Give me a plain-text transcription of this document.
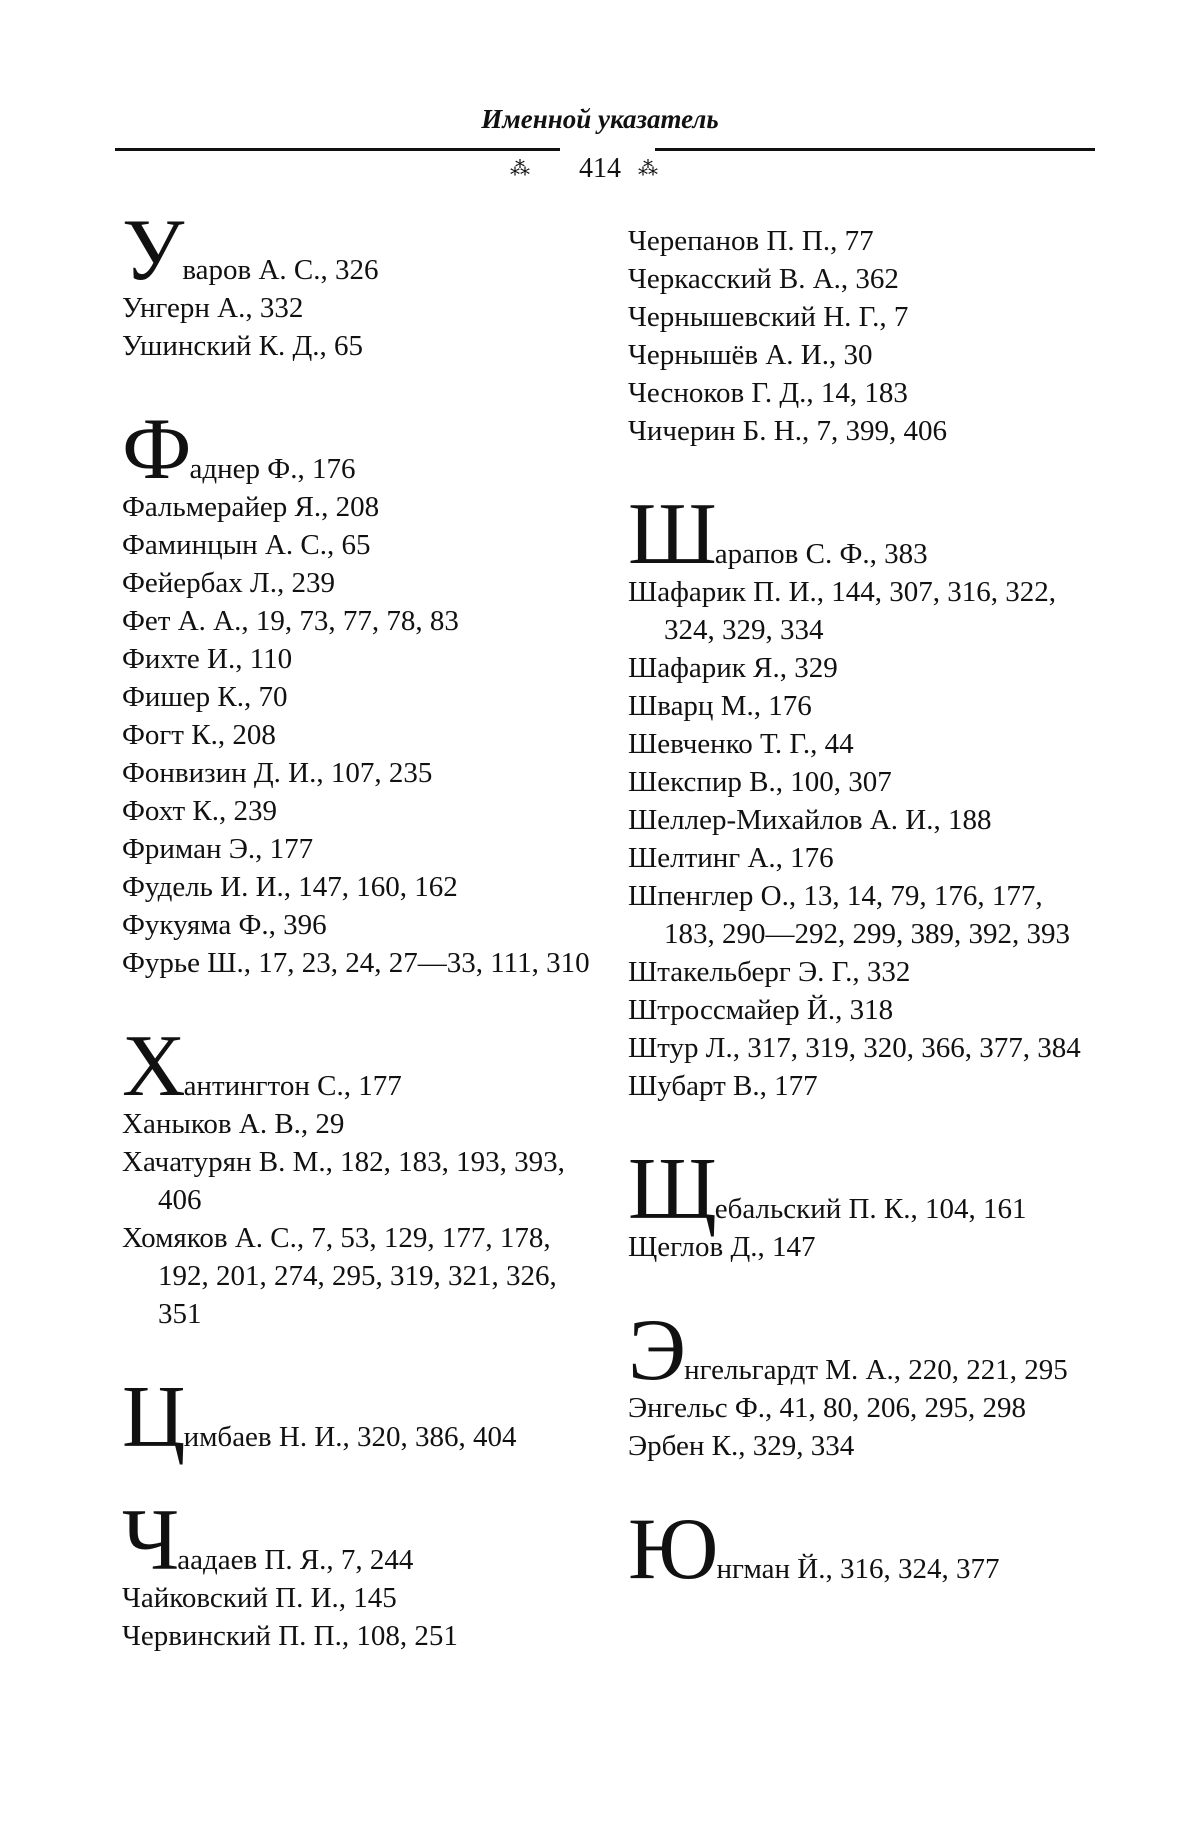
Именной указатель
⁂	414 ⁂
Уваров А. С., 326
Унгерн А., 332
Ушинский К. Д., 65
Фаднер Ф., 176
Фальмерайер Я., 208
Фаминцын А. С., 65
Фейербах Л., 239
Фет А. А., 19, 73, 77, 78, 83
Фихте И., 110
Фишер К., 70
Фогт К., 208
Фонвизин Д. И., 107, 235
Фохт К., 239
Фриман Э., 177
Фудель И. И., 147, 160, 162
Фукуяма Ф., 396
Фурье Ш., 17, 23, 24, 27—33, 111, 310
Хантингтон С., 177
Ханыков А. В., 29
Хачатурян В. М., 182, 183, 193, 393, 406
Хомяков А. С., 7, 53, 129, 177, 178, 192, 201, 274, 295, 319, 321, 326, 351
Цимбаев Н. И., 320, 386, 404
Чаадаев П. Я., 7, 244
Чайковский П. И., 145
Червинский П. П., 108, 251
Черепанов П. П., 77
Черкасский В. А., 362
Чернышевский Н. Г., 7
Чернышёв А. И., 30
Чесноков Г. Д., 14, 183
Чичерин Б. Н., 7, 399, 406
Шарапов С. Ф., 383
Шафарик П. И., 144, 307, 316, 322, 324, 329, 334
Шафарик Я., 329
Шварц М., 176
Шевченко Т. Г., 44
Шекспир В., 100, 307
Шеллер-Михайлов А. И., 188
Шелтинг А., 176
Шпенглер О., 13, 14, 79, 176, 177, 183, 290—292, 299, 389, 392, 393
Штакельберг Э. Г., 332
Штроссмайер Й., 318
Штур Л., 317, 319, 320, 366, 377, 384
Шубарт В., 177
Щебальский П. К., 104, 161
Щеглов Д., 147
Энгельгардт М. А., 220, 221, 295
Энгельс Ф., 41, 80, 206, 295, 298
Эрбен К., 329, 334
Юнгман Й., 316, 324, 377
